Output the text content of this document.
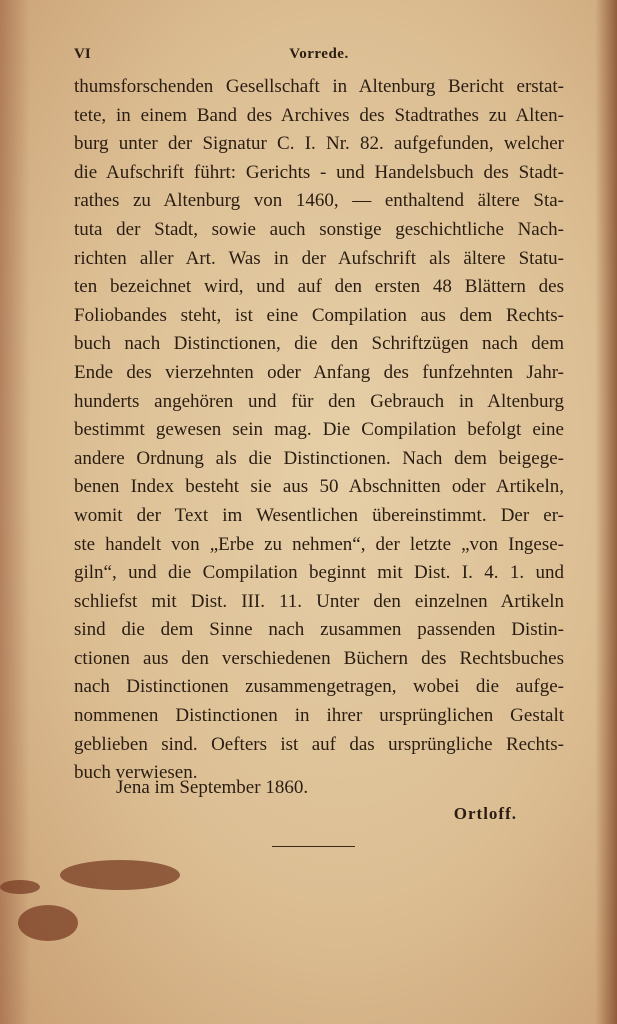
VI	Vorrede.
thumsforschenden Gesellschaft in Altenburg Bericht erstat-
tete, in einem Band des Archives des Stadtrathes zu Alten-
burg unter der Signatur C. I. Nr. 82. aufgefunden, welcher
die Aufschrift führt: Gerichts - und Handelsbuch des Stadt-
rathes zu Altenburg von 1460, — enthaltend ältere Sta-
tuta der Stadt, sowie auch sonstige geschichtliche Nach-
richten aller Art. Was in der Aufschrift als ältere Statu-
ten bezeichnet wird, und auf den ersten 48 Blättern des
Foliobandes steht, ist eine Compilation aus dem Rechts-
buch nach Distinctionen, die den Schriftzügen nach dem
Ende des vierzehnten oder Anfang des funfzehnten Jahr-
hunderts angehören und für den Gebrauch in Altenburg
bestimmt gewesen sein mag. Die Compilation befolgt eine
andere Ordnung als die Distinctionen. Nach dem beigege-
benen Index besteht sie aus 50 Abschnitten oder Artikeln,
womit der Text im Wesentlichen übereinstimmt. Der er-
ste handelt von „Erbe zu nehmen“, der letzte „von Ingese-
giln“, und die Compilation beginnt mit Dist. I. 4. 1. und
schliefst mit Dist. III. 11. Unter den einzelnen Artikeln
sind die dem Sinne nach zusammen passenden Distin-
ctionen aus den verschiedenen Büchern des Rechtsbuches
nach Distinctionen zusammengetragen, wobei die aufge-
nommenen Distinctionen in ihrer ursprünglichen Gestalt
geblieben sind. Oefters ist auf das ursprüngliche Rechts-
buch verwiesen.
Jena im September 1860.
Ortloff.
